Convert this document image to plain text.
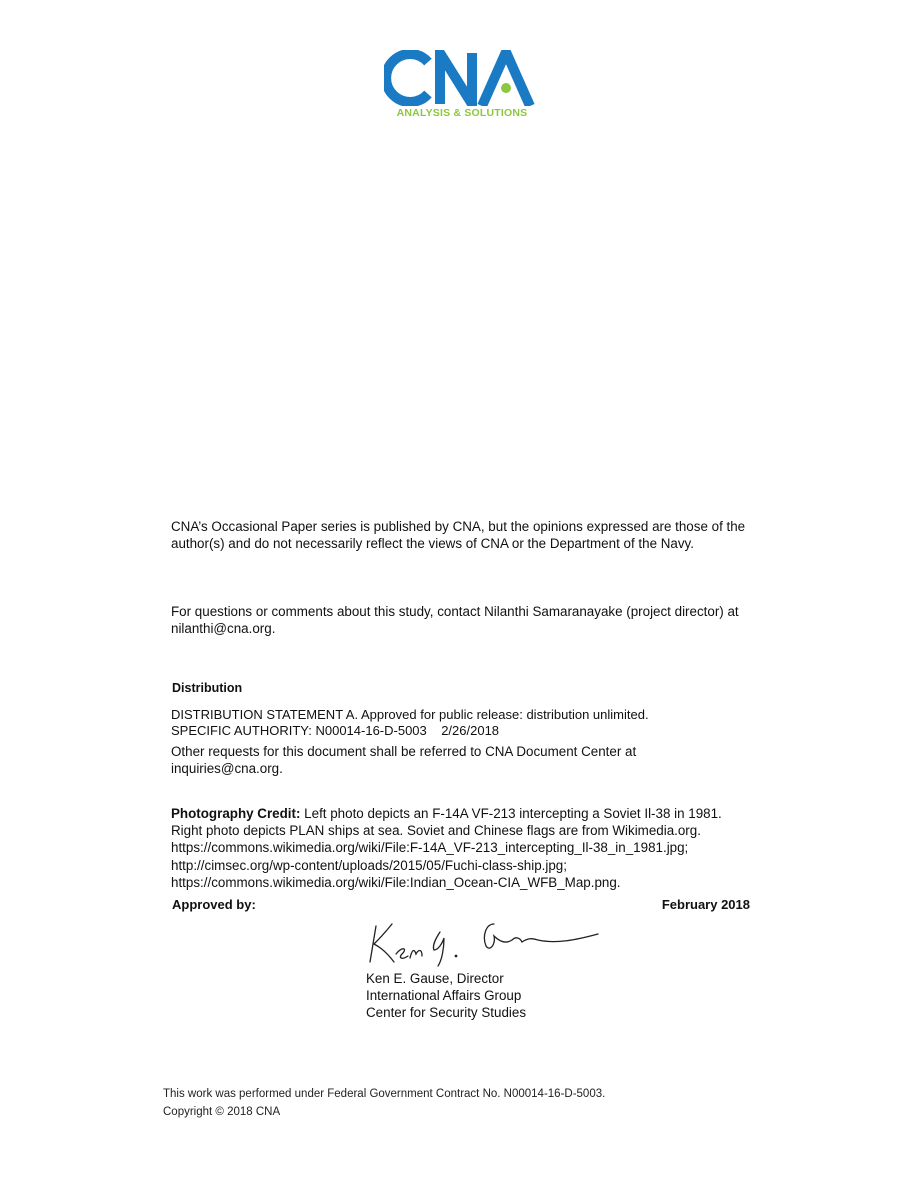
ANALYSIS & SOLUTIONS

CNA’s Occasional Paper series is published by CNA, but the opinions expressed are those of the author(s) and do not necessarily reflect the views of CNA or the Department of the Navy.

For questions or comments about this study, contact Nilanthi Samaranayake (project director) at nilanthi@cna.org.

Distribution
DISTRIBUTION STATEMENT A. Approved for public release: distribution unlimited.
SPECIFIC AUTHORITY: N00014-16-D-5003    2/26/2018

Other requests for this document shall be referred to CNA Document Center at inquiries@cna.org.

Photography Credit: Left photo depicts an F-14A VF-213 intercepting a Soviet Il-38 in 1981. Right photo depicts PLAN ships at sea. Soviet and Chinese flags are from Wikimedia.org. https://commons.wikimedia.org/wiki/File:F-14A_VF-213_intercepting_Il-38_in_1981.jpg; http://cimsec.org/wp-content/uploads/2015/05/Fuchi-class-ship.jpg; https://commons.wikimedia.org/wiki/File:Indian_Ocean-CIA_WFB_Map.png.

Approved by:	February 2018
Ken E. Gause, Director
International Affairs Group
Center for Security Studies
This work was performed under Federal Government Contract No. N00014-16-D-5003.
Copyright © 2018 CNA
